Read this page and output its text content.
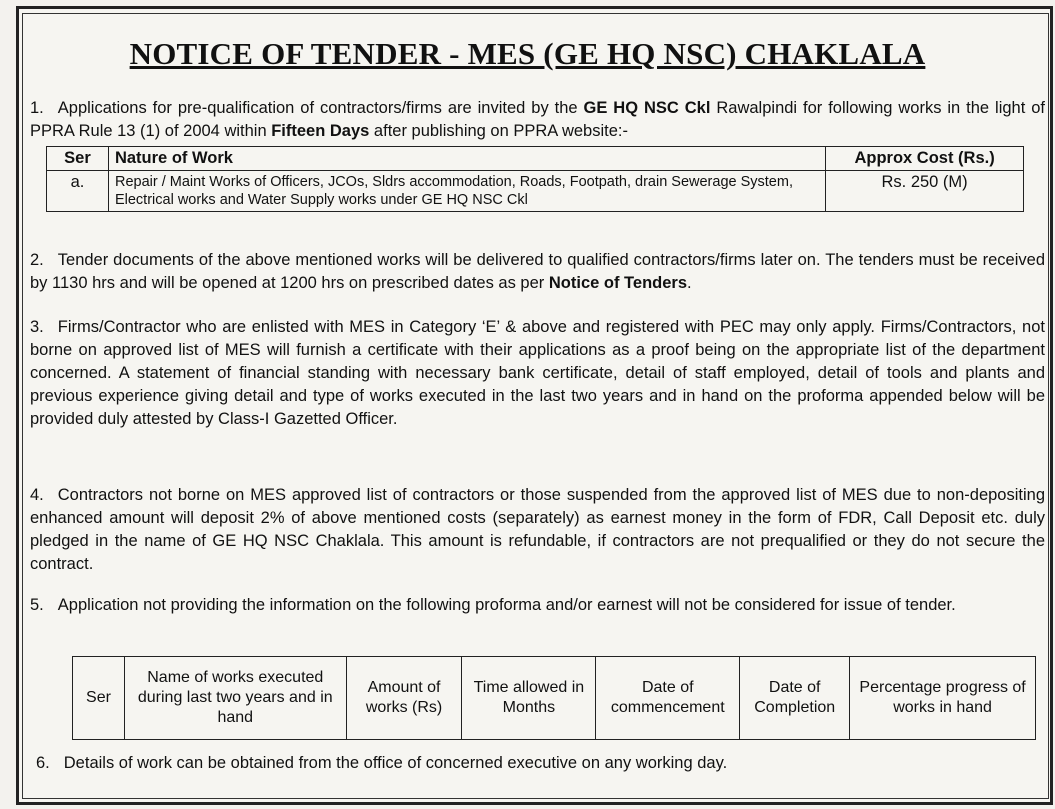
NOTICE OF TENDER - MES (GE HQ NSC) CHAKLALA

1. Applications for pre-qualification of contractors/firms are invited by the GE HQ NSC Ckl Rawalpindi for following works in the light of PPRA Rule 13 (1) of 2004 within Fifteen Days after publishing on PPRA website:-

Ser	Nature of Work	Approx Cost (Rs.)
a.	Repair / Maint Works of Officers, JCOs, Sldrs accommodation, Roads, Footpath, drain Sewerage System, Electrical works and Water Supply works under GE HQ NSC Ckl	Rs. 250 (M)

2. Tender documents of the above mentioned works will be delivered to qualified contractors/firms later on. The tenders must be received by 1130 hrs and will be opened at 1200 hrs on prescribed dates as per Notice of Tenders.

3. Firms/Contractor who are enlisted with MES in Category ‘E’ & above and registered with PEC may only apply. Firms/Contractors, not borne on approved list of MES will furnish a certificate with their applications as a proof being on the appropriate list of the department concerned. A statement of financial standing with necessary bank certificate, detail of staff employed, detail of tools and plants and previous experience giving detail and type of works executed in the last two years and in hand on the proforma appended below will be provided duly attested by Class-I Gazetted Officer.

4. Contractors not borne on MES approved list of contractors or those suspended from the approved list of MES due to non-depositing enhanced amount will deposit 2% of above mentioned costs (separately) as earnest money in the form of FDR, Call Deposit etc. duly pledged in the name of GE HQ NSC Chaklala. This amount is refundable, if contractors are not prequalified or they do not secure the contract.

5. Application not providing the information on the following proforma and/or earnest will not be considered for issue of tender.

Ser	Name of works executed during last two years and in hand	Amount of works (Rs)	Time allowed in Months	Date of commencement	Date of Completion	Percentage progress of works in hand

6. Details of work can be obtained from the office of concerned executive on any working day.
